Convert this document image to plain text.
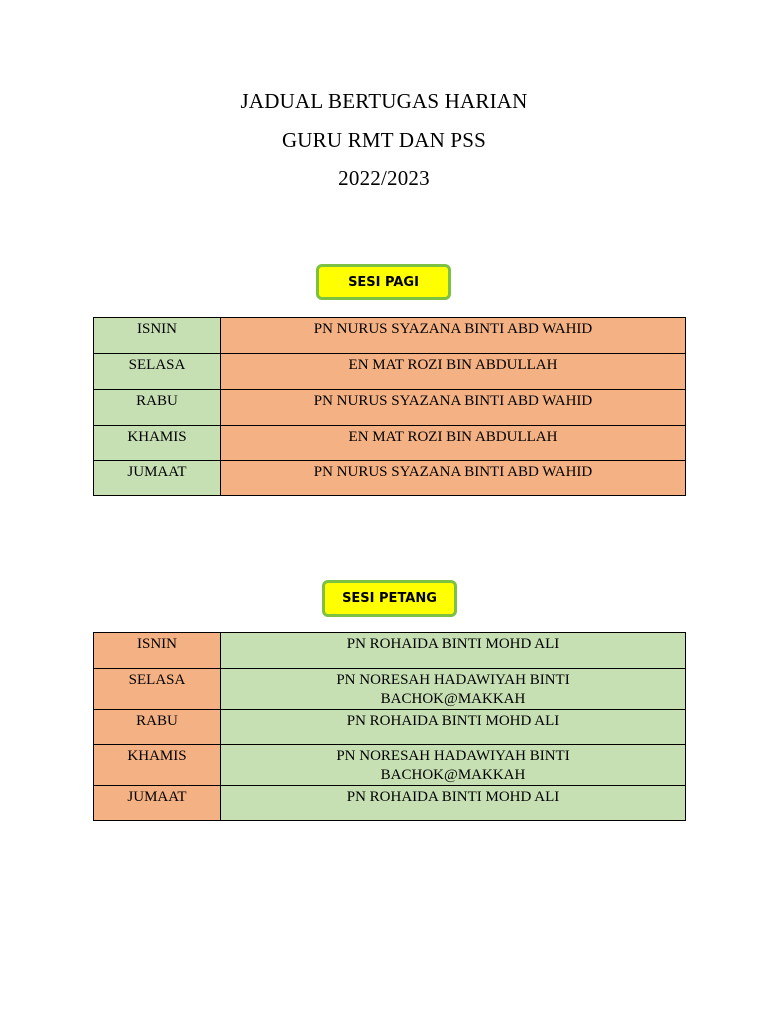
JADUAL BERTUGAS HARIAN
GURU RMT DAN PSS
2022/2023
SESI PAGI
ISNIN	PN NURUS SYAZANA BINTI ABD WAHID
SELASA	EN MAT ROZI BIN ABDULLAH
RABU	PN NURUS SYAZANA BINTI ABD WAHID
KHAMIS	EN MAT ROZI BIN ABDULLAH
JUMAAT	PN NURUS SYAZANA BINTI ABD WAHID
SESI PETANG
ISNIN	PN ROHAIDA BINTI MOHD ALI
SELASA	PN NORESAH HADAWIYAH BINTI BACHOK@MAKKAH
RABU	PN ROHAIDA BINTI MOHD ALI
KHAMIS	PN NORESAH HADAWIYAH BINTI BACHOK@MAKKAH
JUMAAT	PN ROHAIDA BINTI MOHD ALI
